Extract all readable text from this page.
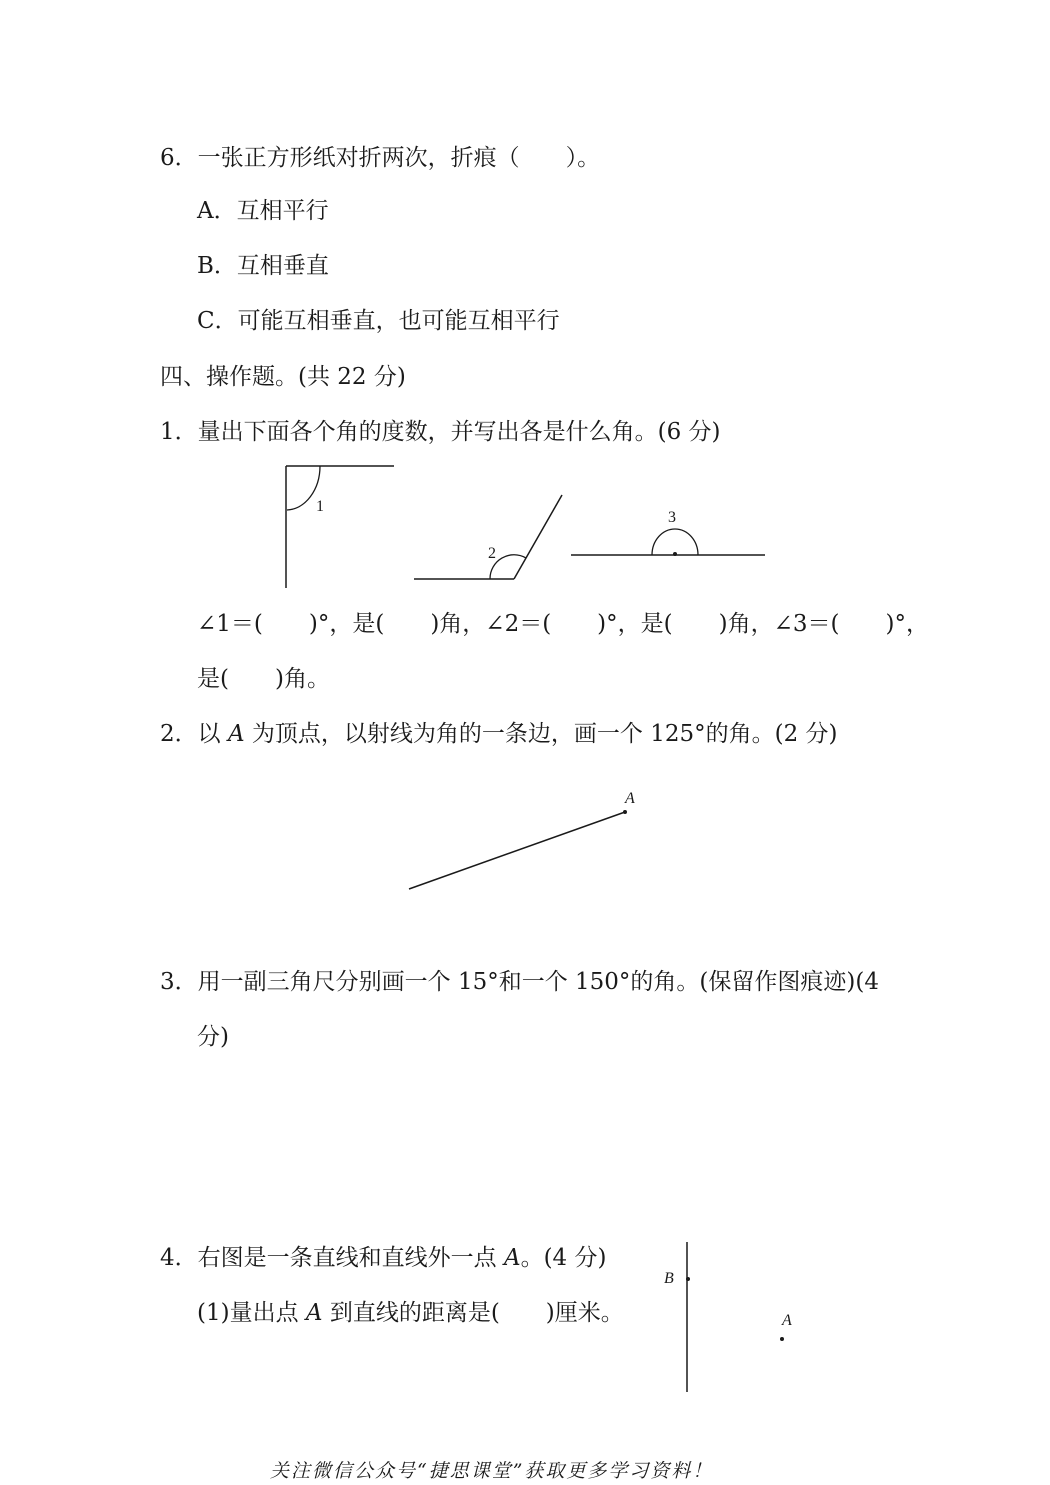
6．一张正方形纸对折两次，折痕（　　）。
A．互相平行
B．互相垂直
C．可能互相垂直，也可能互相平行
四、操作题。(共 22 分)
1．量出下面各个角的度数，并写出各是什么角。(6 分)
1
2
3
A
B
A
∠1＝(　　)°，是(　　)角，∠2＝(　　)°，是(　　)角，∠3＝(　　)°，
是(　　)角。
2．以 A 为顶点，以射线为角的一条边，画一个 125°的角。(2 分)
3．用一副三角尺分别画一个 15°和一个 150°的角。(保留作图痕迹)(4
分)
4．右图是一条直线和直线外一点 A。(4 分)
(1)量出点 A 到直线的距离是(　　)厘米。
关注微信公众号“捷思课堂”获取更多学习资料！
